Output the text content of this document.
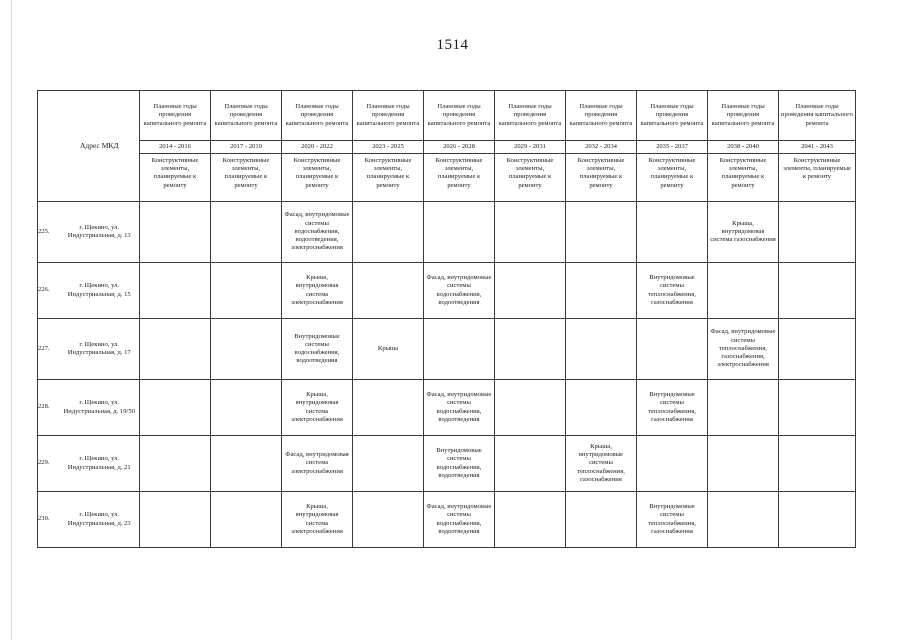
1514
	Адрес МКД	Плановые годы проведения капитального ремонта	Плановые годы проведения капитального ремонта	Плановые годы проведения капитального ремонта	Плановые годы проведения капитального ремонта	Плановые годы проведения капитального ремонта	Плановые годы проведения капитального ремонта	Плановые годы проведения капитального ремонта	Плановые годы проведения капитального ремонта	Плановые годы проведения капитального ремонта	Плановые годы проведения капитального ремонта
		2014 - 2016	2017 - 2019	2020 - 2022	2023 - 2025	2026 - 2028	2029 - 2031	2032 - 2034	2035 - 2037	2038 - 2040	2041 - 2043
		Конструктивные элементы, планируемые к ремонту	Конструктивные элементы, планируемые к ремонту	Конструктивные элементы, планируемые к ремонту	Конструктивные элементы, планируемые к ремонту	Конструктивные элементы, планируемые к ремонту	Конструктивные элементы, планируемые к ремонту	Конструктивные элементы, планируемые к ремонту	Конструктивные элементы, планируемые к ремонту	Конструктивные элементы, планируемые к ремонту	Конструктивные элементы, планируемые к ремонту
225.	г. Щекино, ул. Индустриальная, д. 13			Фасад, внутридомовые системы водоснабжения, водоотведения, электроснабжения						Крыша, внутридомовая система газоснабжения	
226.	г. Щекино, ул. Индустриальная, д. 15			Крыша, внутридомовая система электроснабжения		Фасад, внутридомовые системы водоснабжения, водоотведения			Внутридомовые системы теплоснабжения, газоснабжения		
227.	г. Щекино, ул. Индустриальная, д. 17			Внутридомовые системы водоснабжения, водоотведения	Крыша					Фасад, внутридомовые системы теплоснабжения, газоснабжения, электроснабжения	
228.	г. Щекино, ул. Индустриальная, д. 19/50			Крыша, внутридомовая система электроснабжения		Фасад, внутридомовые системы водоснабжения, водоотведения			Внутридомовые системы теплоснабжения, газоснабжения		
229.	г. Щекино, ул. Индустриальная, д. 21			Фасад, внутридомовая система электроснабжения		Внутридомовые системы водоснабжения, водоотведения		Крыша, внутридомовые системы теплоснабжения, газоснабжения			
230.	г. Щекино, ул. Индустриальная, д. 23			Крыша, внутридомовая система электроснабжения		Фасад, внутридомовые системы водоснабжения, водоотведения			Внутридомовые системы теплоснабжения, газоснабжения		
